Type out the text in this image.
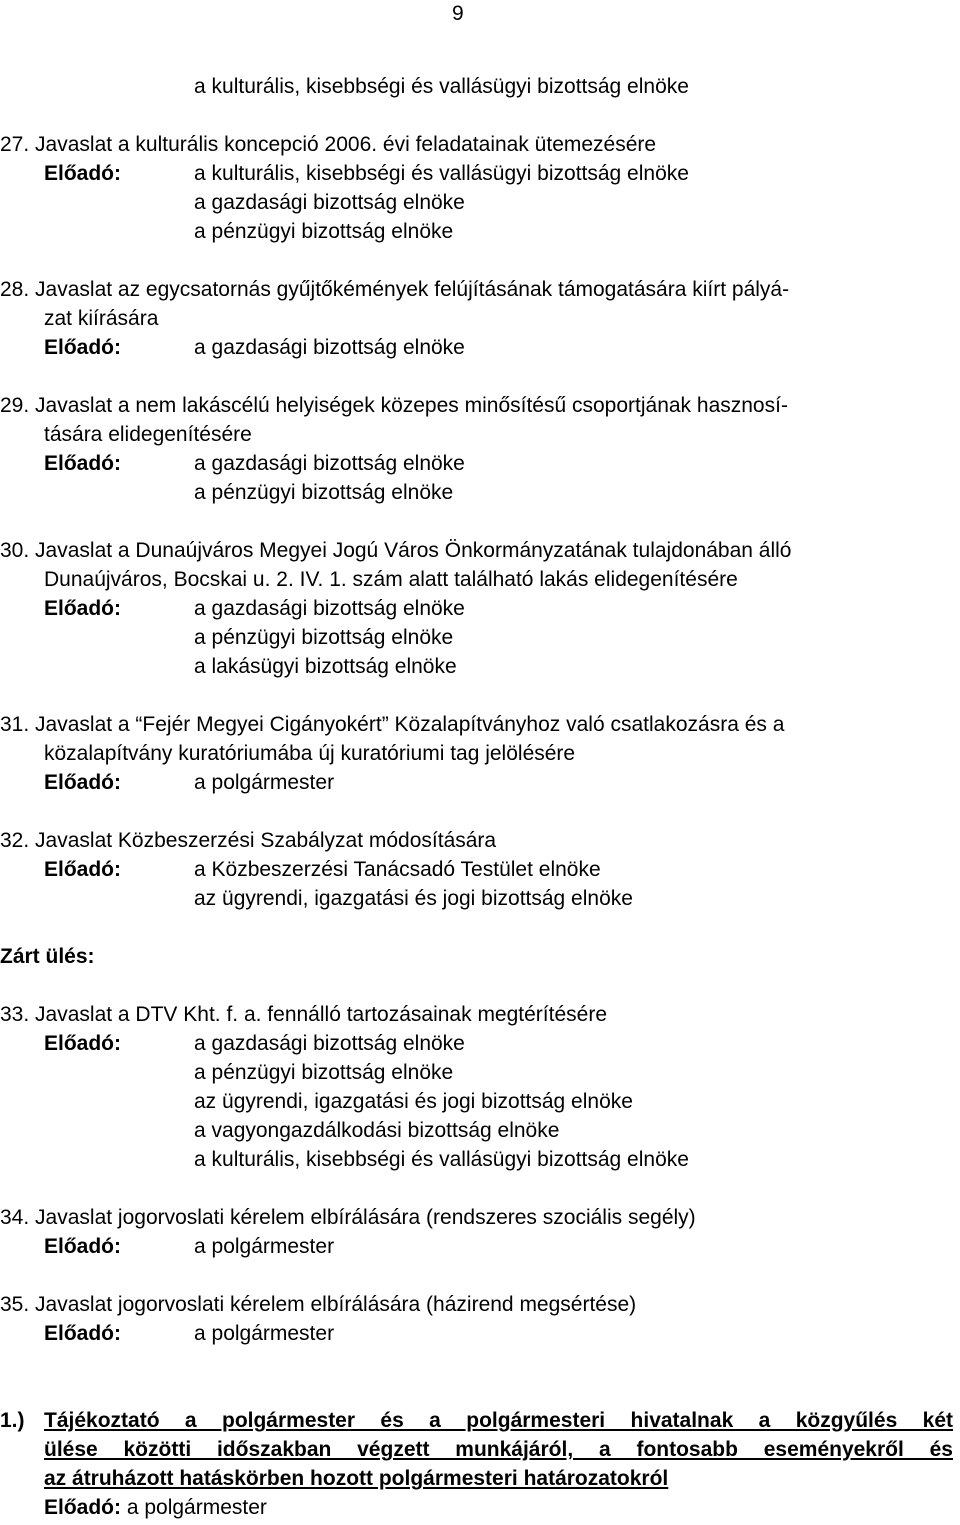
9
a kulturális, kisebbségi és vallásügyi bizottság elnöke
27. Javaslat a kulturális koncepció 2006. évi feladatainak ütemezésére
Előadó:	a kulturális, kisebbségi és vallásügyi bizottság elnöke
a gazdasági bizottság elnöke
a pénzügyi bizottság elnöke
28. Javaslat az egycsatornás gyűjtőkémények felújításának támogatására kiírt pályá-
zat kiírására
Előadó:	a gazdasági bizottság elnöke
29. Javaslat a nem lakáscélú helyiségek közepes minősítésű csoportjának hasznosí-
tására elidegenítésére
Előadó:	a gazdasági bizottság elnöke
a pénzügyi bizottság elnöke
30. Javaslat a Dunaújváros Megyei Jogú Város Önkormányzatának tulajdonában álló
Dunaújváros, Bocskai u. 2. IV. 1. szám alatt található lakás elidegenítésére
Előadó:	a gazdasági bizottság elnöke
a pénzügyi bizottság elnöke
a lakásügyi bizottság elnöke
31. Javaslat a “Fejér Megyei Cigányokért” Közalapítványhoz való csatlakozásra és a
közalapítvány kuratóriumába új kuratóriumi tag jelölésére
Előadó:	a polgármester
32. Javaslat Közbeszerzési Szabályzat módosítására
Előadó:	a Közbeszerzési Tanácsadó Testület elnöke
az ügyrendi, igazgatási és jogi bizottság elnöke
Zárt ülés:
33. Javaslat a DTV Kht. f. a. fennálló tartozásainak megtérítésére
Előadó:	a gazdasági bizottság elnöke
a pénzügyi bizottság elnöke
az ügyrendi, igazgatási és jogi bizottság elnöke
a vagyongazdálkodási bizottság elnöke
a kulturális, kisebbségi és vallásügyi bizottság elnöke
34. Javaslat jogorvoslati kérelem elbírálására (rendszeres szociális segély)
Előadó:	a polgármester
35. Javaslat jogorvoslati kérelem elbírálására (házirend megsértése)
Előadó:	a polgármester
1.) Tájékoztató a polgármester és a polgármesteri hivatalnak a közgyűlés két
ülése közötti időszakban végzett munkájáról, a fontosabb eseményekről és
az átruházott hatáskörben hozott polgármesteri határozatokról
Előadó: a polgármester
